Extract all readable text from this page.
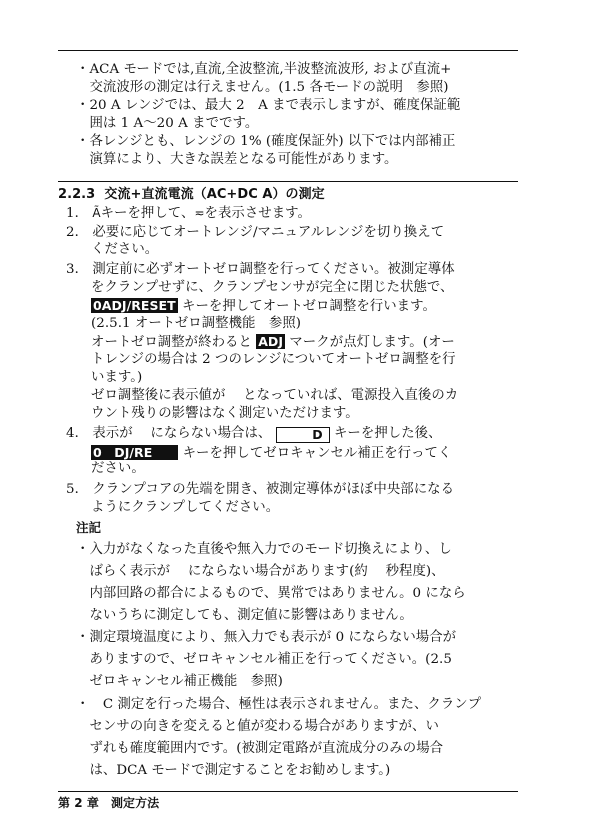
・ACA モードでは,直流,全波整流,半波整流波形, および直流+
　交流波形の測定は行えません。(1.5 各モードの説明　参照)
・20 A レンジでは、最大 2　A まで表示しますが、確度保証範
　囲は 1 A～20 A までです。
・各レンジとも、レンジの 1% (確度保証外) 以下では内部補正
　演算により、大きな誤差となる可能性があります。
2.2.3 交流+直流電流（AC+DC A）の測定
1． Ãキーを押して、≂を表示させます。
2． 必要に応じてオートレンジ/マニュアルレンジを切り換えて
ください。
3． 測定前に必ずオートゼロ調整を行ってください。被測定導体
をクランプせずに、クランプセンサが完全に閉じた状態で、
0ADJ/RESET キーを押してオートゼロ調整を行います。
(2.5.1 オートゼロ調整機能　参照)
オートゼロ調整が終わると ADJ マークが点灯します。(オー
トレンジの場合は 2 つのレンジについてオートゼロ調整を行
います。)
ゼロ調整後に表示値が　 となっていれば、電源投入直後のカ
ウント残りの影響はなく測定いただけます。
4． 表示が　 にならない場合は、	D キーを押した後、
0　DJ/RE キーを押してゼロキャンセル補正を行ってく
ださい。
5． クランプコアの先端を開き、被測定導体がほぼ中央部になる
ようにクランプしてください。
注記
・入力がなくなった直後や無入力でのモード切換えにより、し
　ばらく表示が　 にならない場合があります(約　 秒程度)、
　内部回路の都合によるもので、異常ではありません。0 になら
　ないうちに測定しても、測定値に影響はありません。
・測定環境温度により、無入力でも表示が 0 にならない場合が
　ありますので、ゼロキャンセル補正を行ってください。(2.5
　ゼロキャンセル補正機能　参照)
・　C 測定を行った場合、極性は表示されません。また、クランプ
　センサの向きを変えると値が変わる場合がありますが、い
　ずれも確度範囲内です。(被測定電路が直流成分のみの場合
　は、DCA モードで測定することをお勧めします。)
第 2 章　測定方法
